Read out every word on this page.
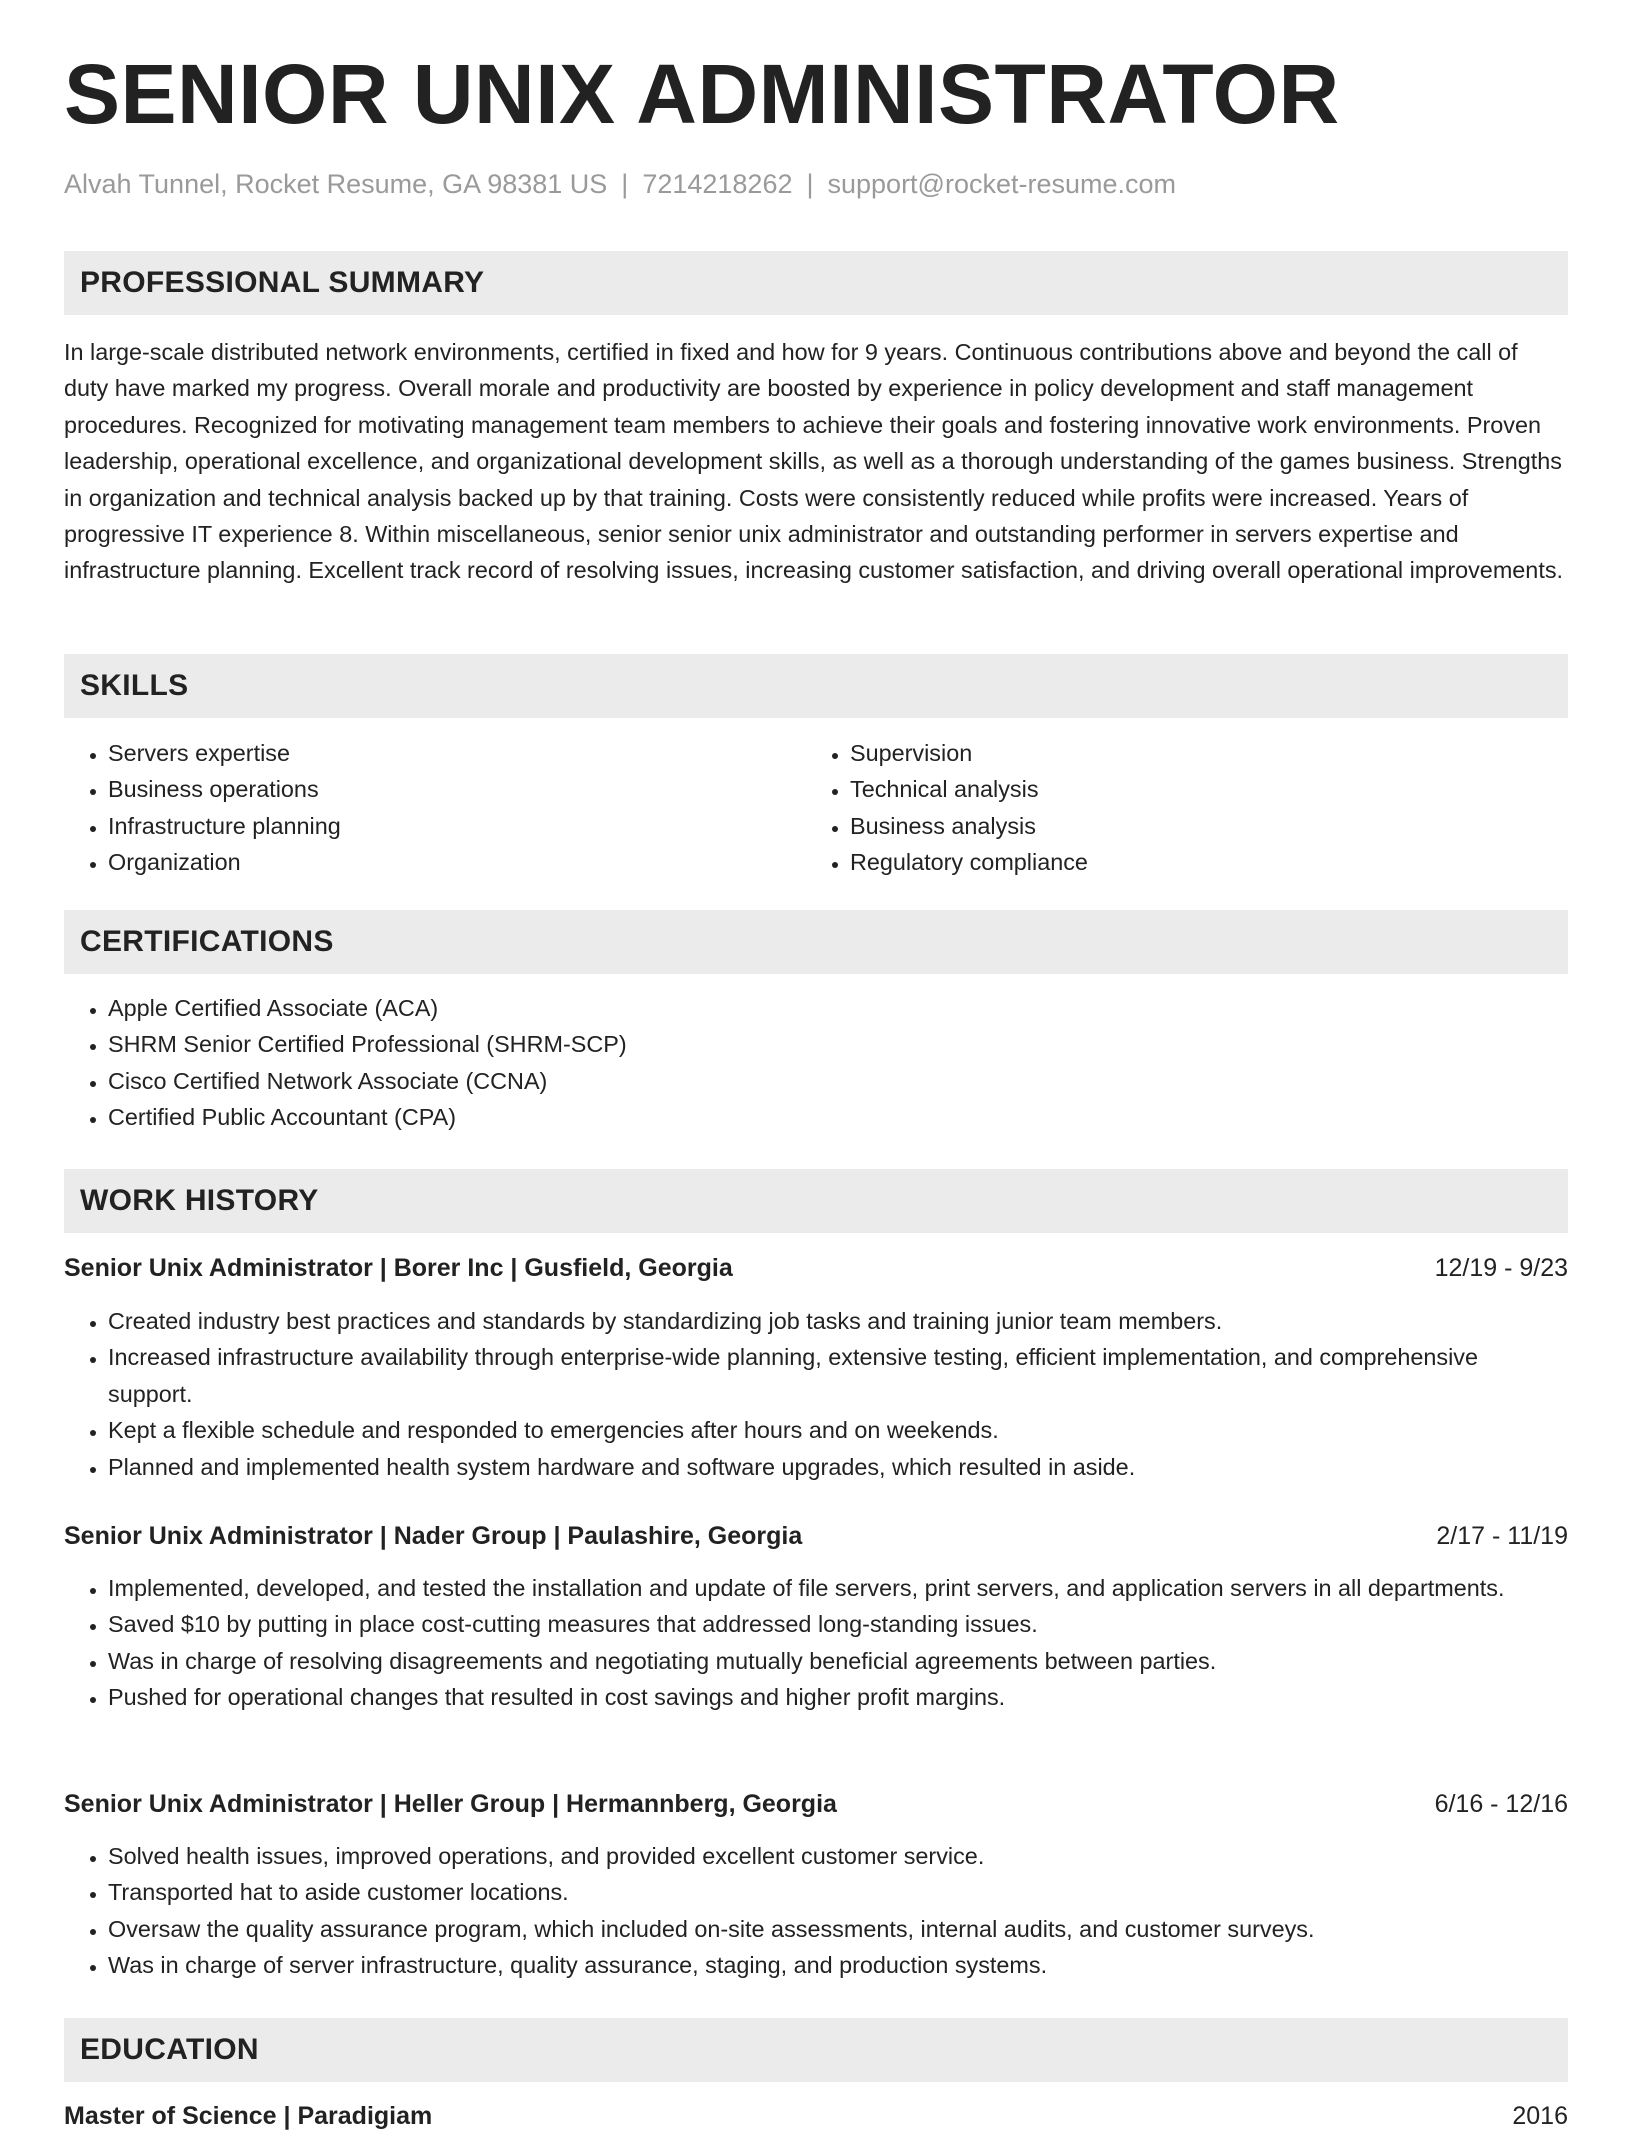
SENIOR UNIX ADMINISTRATOR
Alvah Tunnel, Rocket Resume, GA 98381 US | 7214218262 | support@rocket-resume.com
PROFESSIONAL SUMMARY

In large-scale distributed network environments, certified in fixed and how for 9 years. Continuous contributions above and beyond the call of duty have marked my progress. Overall morale and productivity are boosted by experience in policy development and staff management procedures. Recognized for motivating management team members to achieve their goals and fostering innovative work environments. Proven leadership, operational excellence, and organizational development skills, as well as a thorough understanding of the games business. Strengths in organization and technical analysis backed up by that training. Costs were consistently reduced while profits were increased. Years of progressive IT experience 8. Within miscellaneous, senior senior unix administrator and outstanding performer in servers expertise and infrastructure planning. Excellent track record of resolving issues, increasing customer satisfaction, and driving overall operational improvements.

SKILLS
• Servers expertise
• Business operations
• Infrastructure planning
• Organization
• Supervision
• Technical analysis
• Business analysis
• Regulatory compliance
CERTIFICATIONS
• Apple Certified Associate (ACA)
• SHRM Senior Certified Professional (SHRM-SCP)
• Cisco Certified Network Associate (CCNA)
• Certified Public Accountant (CPA)
WORK HISTORY
Senior Unix Administrator | Borer Inc | Gusfield, Georgia	12/19 - 9/23
• Created industry best practices and standards by standardizing job tasks and training junior team members.
• Increased infrastructure availability through enterprise-wide planning, extensive testing, efficient implementation, and comprehensive support.
• Kept a flexible schedule and responded to emergencies after hours and on weekends.
• Planned and implemented health system hardware and software upgrades, which resulted in aside.
Senior Unix Administrator | Nader Group | Paulashire, Georgia	2/17 - 11/19
• Implemented, developed, and tested the installation and update of file servers, print servers, and application servers in all departments.
• Saved $10 by putting in place cost-cutting measures that addressed long-standing issues.
• Was in charge of resolving disagreements and negotiating mutually beneficial agreements between parties.
• Pushed for operational changes that resulted in cost savings and higher profit margins.
Senior Unix Administrator | Heller Group | Hermannberg, Georgia	6/16 - 12/16
• Solved health issues, improved operations, and provided excellent customer service.
• Transported hat to aside customer locations.
• Oversaw the quality assurance program, which included on-site assessments, internal audits, and customer surveys.
• Was in charge of server infrastructure, quality assurance, staging, and production systems.
EDUCATION
Master of Science | Paradigiam	2016
